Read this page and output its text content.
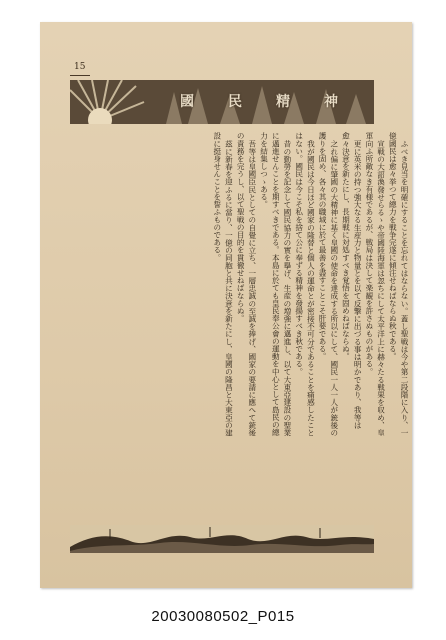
15
國 民 精 神

ふべき見当を明確にすることを忘れてはならない。蓋し聖戦は今や第二段階に入り、一億國民は愈々挙つて總力を戦争完遂に傾注せねばならぬ秋である。

宣戦の大詔渙發せらるゝや帝國陸海軍は忽ちにして太平洋上に赫々たる戦果を収め、皇軍向ふ所敵なき有様であるが、戦局は決して楽観を許さぬものがある。

更に英米の持つ強大なる生産力と物量とを以て反撃に出づる事は明かであり、我等は愈々決意を新たにし、長期戦に対処すべき覚悟を固めねばならぬ。

之れ偏に肇國の大精神に基く皇國の使命を達成する所以にして、國民一人一人が銃後の護りを固め、各々其の職域に於て最善を盡すことこそ肝要である。

我が國民は今日ほど國家の隆替と個人の運命とが密接不可分であることを痛感したことはない。國民は今こそ私を捨て公に奉ずる精神を發揚すべき秋である。

昔の勤勞を記念して國民協力の實を擧げ、生産の増強に邁進し、以て大東亞建設の聖業に邁進せんことを期すべきである。本島に於ても皇民奉公會の運動を中心として島民の總力を結集しつゝある。

吾等は皇國臣民としての自覺に立ち、一層忠誠の至誠を捧げ、國家の要請に應へて銃後の責務を完うし、以て聖戦の目的を貫徹せねばならぬ。

茲に新春を迎ふるに當り、一億の同胞と共に決意を新たにし、皇國の隆昌と大東亞の建設に挺身せんことを誓ふものである。

20030080502_P015
